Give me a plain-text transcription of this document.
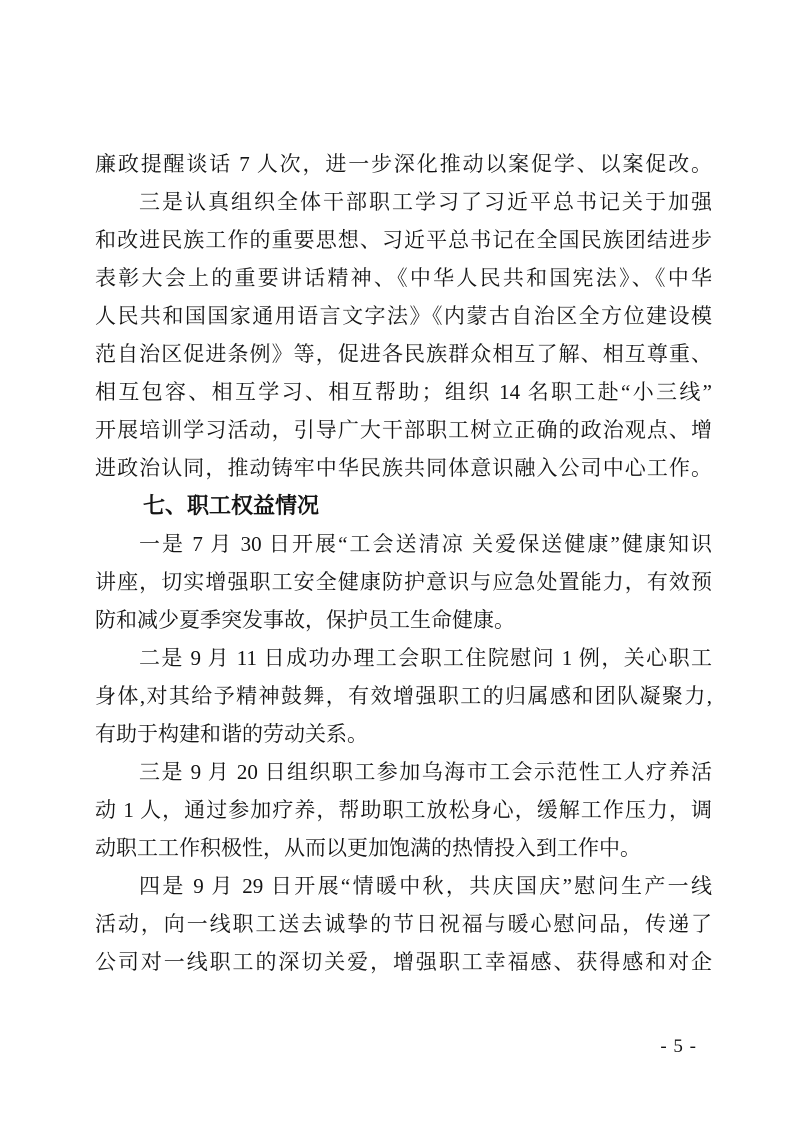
廉政提醒谈话 7 人次，进一步深化推动以案促学、以案促改。
三是认真组织全体干部职工学习了习近平总书记关于加强
和改进民族工作的重要思想、习近平总书记在全国民族团结进步
表彰大会上的重要讲话精神、《中华人民共和国宪法》、《中华
人民共和国国家通用语言文字法》《内蒙古自治区全方位建设模
范自治区促进条例》等，促进各民族群众相互了解、相互尊重、
相互包容、相互学习、相互帮助；组织 14 名职工赴“小三线”
开展培训学习活动，引导广大干部职工树立正确的政治观点、增
进政治认同，推动铸牢中华民族共同体意识融入公司中心工作。
七、职工权益情况
一是 7 月 30 日开展“工会送清凉 关爱保送健康”健康知识
讲座，切实增强职工安全健康防护意识与应急处置能力，有效预
防和减少夏季突发事故，保护员工生命健康。
二是 9 月 11 日成功办理工会职工住院慰问 1 例，关心职工
身体,对其给予精神鼓舞，有效增强职工的归属感和团队凝聚力,
有助于构建和谐的劳动关系。
三是 9 月 20 日组织职工参加乌海市工会示范性工人疗养活
动 1 人，通过参加疗养，帮助职工放松身心，缓解工作压力，调
动职工工作积极性，从而以更加饱满的热情投入到工作中。
四是 9 月 29 日开展“情暖中秋，共庆国庆”慰问生产一线
活动，向一线职工送去诚挚的节日祝福与暖心慰问品，传递了
公司对一线职工的深切关爱，增强职工幸福感、获得感和对企
- 5 -
